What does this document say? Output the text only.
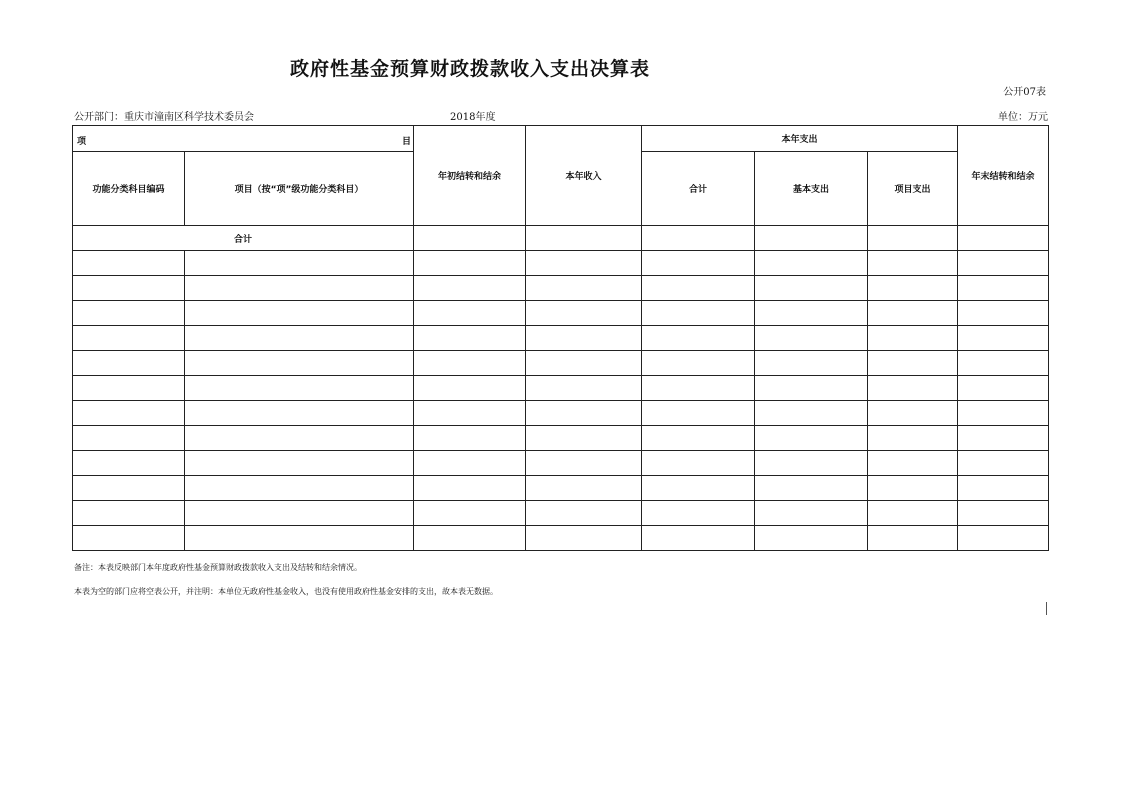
政府性基金预算财政拨款收入支出决算表
公开07表
公开部门：重庆市潼南区科学技术委员会	2018年度	单位：万元
项 目		年初结转和结余	本年收入	本年支出			年末结转和结余
功能分类科目编码	项目（按“项”级功能分类科目）			合计	基本支出	项目支出	
合计							

备注：本表反映部门本年度政府性基金预算财政拨款收入支出及结转和结余情况。
本表为空的部门应将空表公开，并注明：本单位无政府性基金收入，也没有使用政府性基金安排的支出，故本表无数据。
